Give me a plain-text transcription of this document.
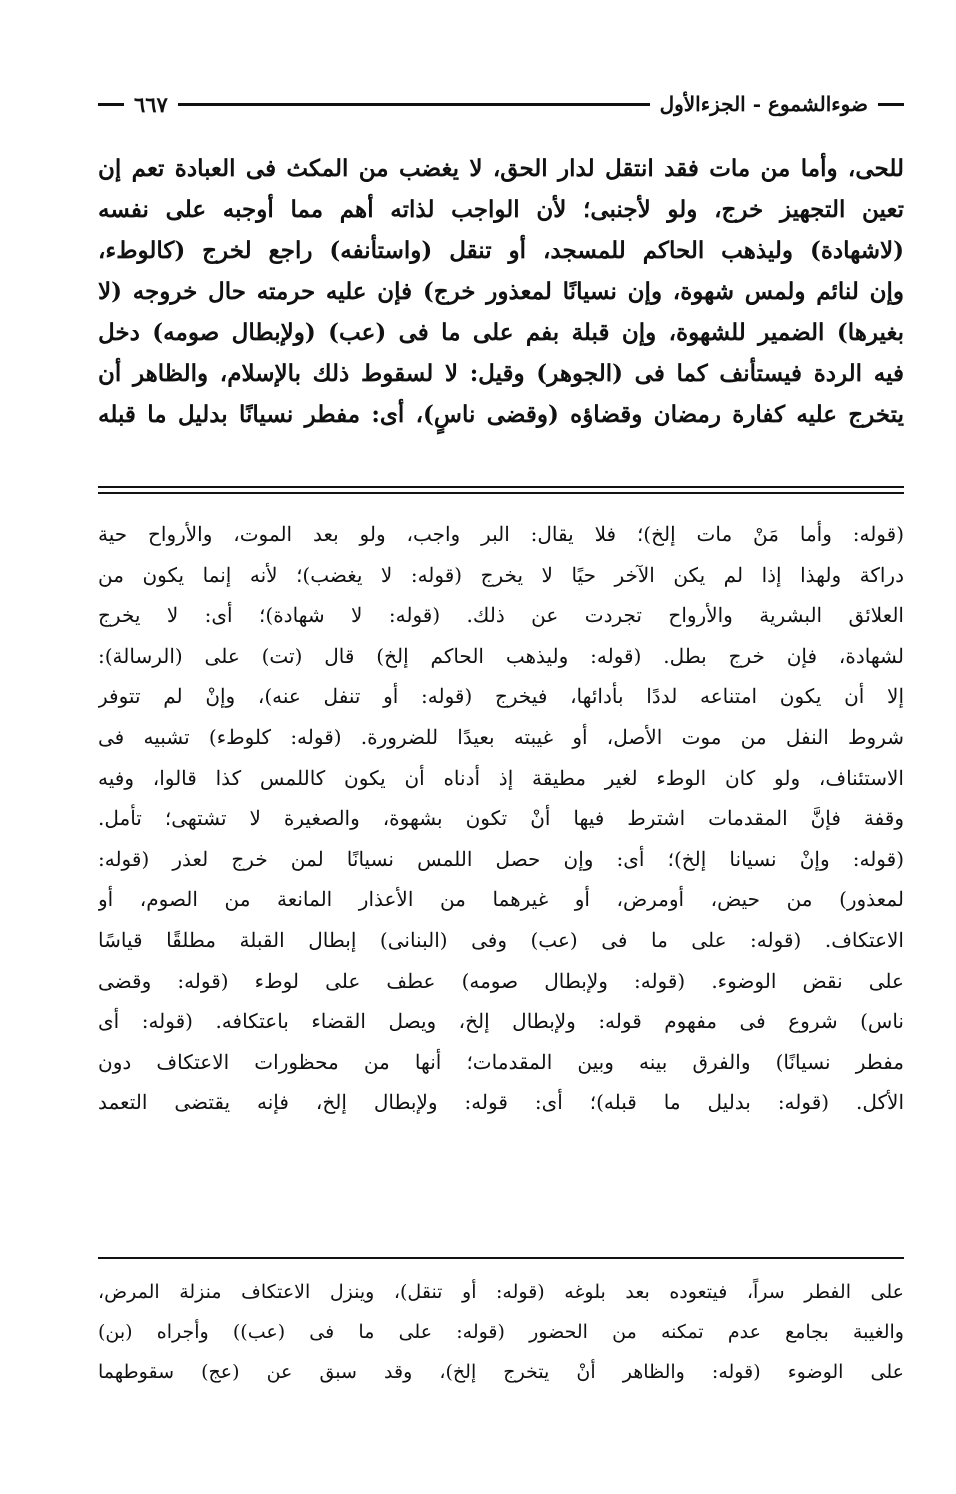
ضوءالشموع - الجزءالأول
٦٦٧

للحى، وأما من مات فقد انتقل لدار الحق، لا يغضب من المكث فى العبادة تعم إن

تعين التجهيز خرج، ولو لأجنبى؛ لأن الواجب لذاته أهم مما أوجبه على نفسه

(لاشهادة) وليذهب الحاكم للمسجد، أو تنقل (واستأنفه) راجع لخرج (كالوطء،

وإن لنائم ولمس شهوة، وإن نسيانًا لمعذور خرج) فإن عليه حرمته حال خروجه (لا

بغيرها) الضمير للشهوة، وإن قبلة بفم على ما فى (عب) (ولإبطال صومه) دخل

فيه الردة فيستأنف كما فى (الجوهر) وقيل: لا لسقوط ذلك بالإسلام، والظاهر أن

يتخرج عليه كفارة رمضان وقضاؤه (وقضى ناسٍ)، أى: مفطر نسيانًا بدليل ما قبله

(قوله: وأما مَنْ مات إلخ)؛ فلا يقال: البر واجب، ولو بعد الموت، والأرواح حية

دراكة ولهذا إذا لم يكن الآخر حيًا لا يخرج (قوله: لا يغضب)؛ لأنه إنما يكون من

العلائق البشرية والأرواح تجردت عن ذلك. (قوله: لا شهادة)؛ أى: لا يخرج

لشهادة، فإن خرج بطل. (قوله: وليذهب الحاكم إلخ) قال (تت) على (الرسالة):

إلا أن يكون امتناعه لددًا بأدائها، فيخرج (قوله: أو تنفل عنه)، وإنْ لم تتوفر

شروط النفل من موت الأصل، أو غيبته بعيدًا للضرورة. (قوله: كلوطء) تشبيه فى

الاستئناف، ولو كان الوطء لغير مطيقة إذ أدناه أن يكون كاللمس كذا قالوا، وفيه

وقفة فإنَّ المقدمات اشترط فيها أنْ تكون بشهوة، والصغيرة لا تشتهى؛ تأمل.

(قوله: وإنْ نسيانا إلخ)؛ أى: وإن حصل اللمس نسيانًا لمن خرج لعذر (قوله:

لمعذور) من حيض، أومرض، أو غيرهما من الأعذار المانعة من الصوم، أو

الاعتكاف. (قوله: على ما فى (عب) وفى (البنانى) إبطال القبلة مطلقًا قياسًا

على نقض الوضوء. (قوله: ولإبطال صومه) عطف على لوطء (قوله: وقضى

ناس) شروع فى مفهوم قوله: ولإبطال إلخ، ويصل القضاء باعتكافه. (قوله: أى

مفطر نسيانًا) والفرق بينه وبين المقدمات؛ أنها من محظورات الاعتكاف دون

الأكل. (قوله: بدليل ما قبله)؛ أى: قوله: ولإبطال إلخ، فإنه يقتضى التعمد

على الفطر سراً، فيتعوده بعد بلوغه (قوله: أو تنقل)، وينزل الاعتكاف منزلة المرض،

والغيبة بجامع عدم تمكنه من الحضور (قوله: على ما فى (عب)) وأجراه (بن)

على الوضوء (قوله: والظاهر أنْ يتخرج إلخ)، وقد سبق عن (عج) سقوطهما
